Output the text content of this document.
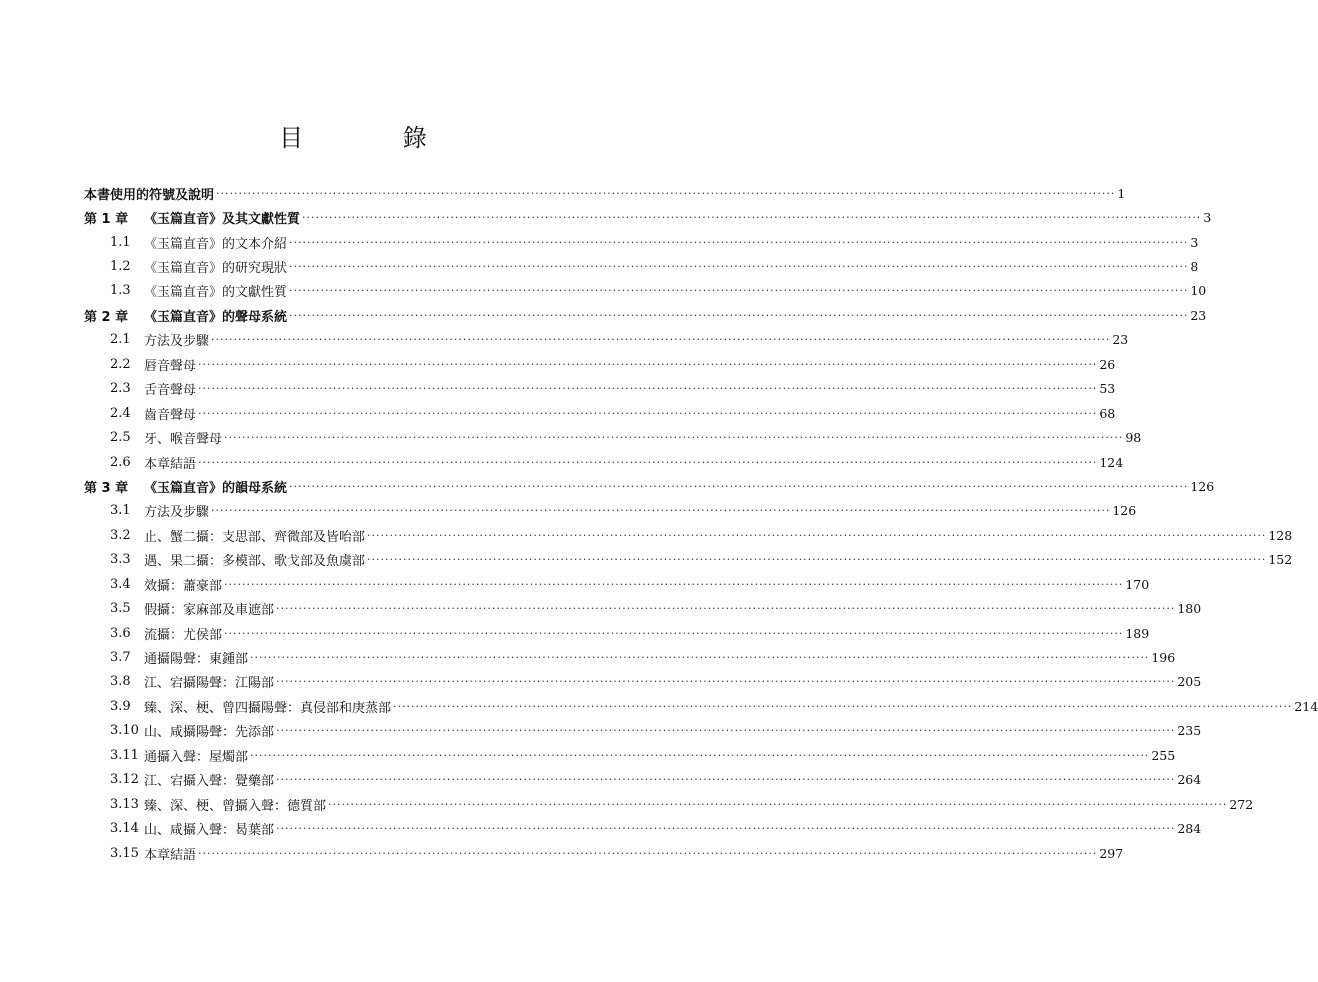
目 錄
本書使用的符號及說明 ········································································································································································································ 1
第 1 章	《玉篇直音》及其文獻性質 ········································································································································································································ 3
1.1	《玉篇直音》的文本介紹 ········································································································································································································ 3
1.2	《玉篇直音》的研究現狀 ········································································································································································································ 8
1.3	《玉篇直音》的文獻性質 ········································································································································································································ 10
第 2 章	《玉篇直音》的聲母系統 ········································································································································································································ 23
2.1	方法及步驟 ········································································································································································································ 23
2.2	唇音聲母 ········································································································································································································ 26
2.3	舌音聲母 ········································································································································································································ 53
2.4	齒音聲母 ········································································································································································································ 68
2.5	牙、喉音聲母 ········································································································································································································ 98
2.6	本章結語 ········································································································································································································ 124
第 3 章	《玉篇直音》的韻母系統 ········································································································································································································ 126
3.1	方法及步驟 ········································································································································································································ 126
3.2	止、蟹二攝：支思部、齊微部及皆咍部 ········································································································································································································ 128
3.3	遇、果二攝：多模部、歌戈部及魚虞部 ········································································································································································································ 152
3.4	效攝：蕭豪部 ········································································································································································································ 170
3.5	假攝：家麻部及車遮部 ········································································································································································································ 180
3.6	流攝：尤侯部 ········································································································································································································ 189
3.7	通攝陽聲：東鍾部 ········································································································································································································ 196
3.8	江、宕攝陽聲：江陽部 ········································································································································································································ 205
3.9	臻、深、梗、曾四攝陽聲：真侵部和庚蒸部 ········································································································································································································ 214
3.10 山、咸攝陽聲：先添部 ········································································································································································································ 235
3.11 通攝入聲：屋燭部 ········································································································································································································ 255
3.12 江、宕攝入聲：覺藥部 ········································································································································································································ 264
3.13 臻、深、梗、曾攝入聲：德質部 ········································································································································································································ 272
3.14 山、咸攝入聲：曷葉部 ········································································································································································································ 284
3.15 本章結語 ········································································································································································································ 297
